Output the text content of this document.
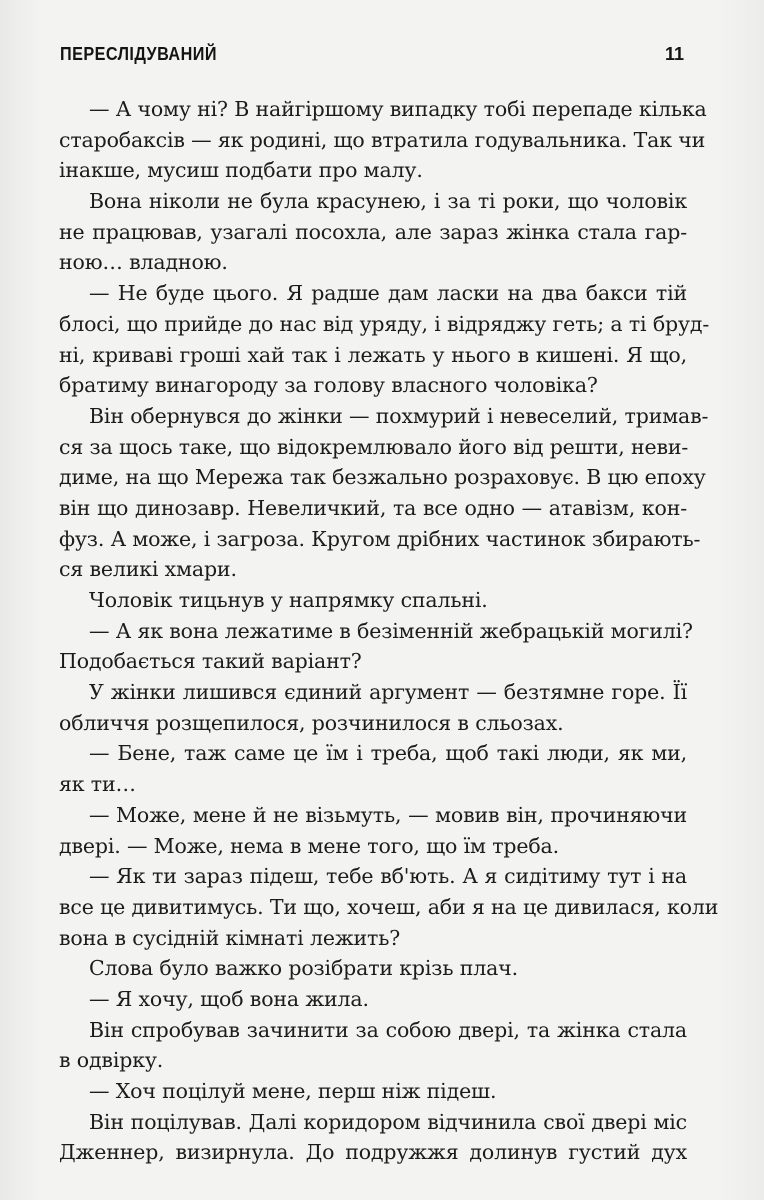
ПЕРЕСЛІДУВАНИЙ	11
— А чому ні? В найгіршому випадку тобі перепаде кілька
старобаксів — як родині, що втратила годувальника. Так чи
інакше, мусиш подбати про малу.
Вона ніколи не була красунею, і за ті роки, що чоловік
не працював, узагалі посохла, але зараз жінка стала гар-
ною… владною.
— Не буде цього. Я радше дам ласки на два бакси тій
блосі, що прийде до нас від уряду, і відряджу геть; а ті бруд-
ні, криваві гроші хай так і лежать у нього в кишені. Я що,
братиму винагороду за голову власного чоловіка?
Він обернувся до жінки — похмурий і невеселий, тримав-
ся за щось таке, що відокремлювало його від решти, неви-
диме, на що Мережа так безжально розраховує. В цю епоху
він що динозавр. Невеличкий, та все одно — атавізм, кон-
фуз. А може, і загроза. Кругом дрібних частинок збирають-
ся великі хмари.
Чоловік тицьнув у напрямку спальні.
— А як вона лежатиме в безіменній жебрацькій могилі?
Подобається такий варіант?
У жінки лишився єдиний аргумент — безтямне горе. Її
обличчя розщепилося, розчинилося в сльозах.
— Бене, таж саме це їм і треба, щоб такі люди, як ми,
як ти…
— Може, мене й не візьмуть, — мовив він, прочиняючи
двері. — Може, нема в мене того, що їм треба.
— Як ти зараз підеш, тебе вб'ють. А я сидітиму тут і на
все це дивитимусь. Ти що, хочеш, аби я на це дивилася, коли
вона в сусідній кімнаті лежить?
Слова було важко розібрати крізь плач.
— Я хочу, щоб вона жила.
Він спробував зачинити за собою двері, та жінка стала
в одвірку.
— Хоч поцілуй мене, перш ніж підеш.
Він поцілував. Далі коридором відчинила свої двері міс
Дженнер, визирнула. До подружжя долинув густий дух
